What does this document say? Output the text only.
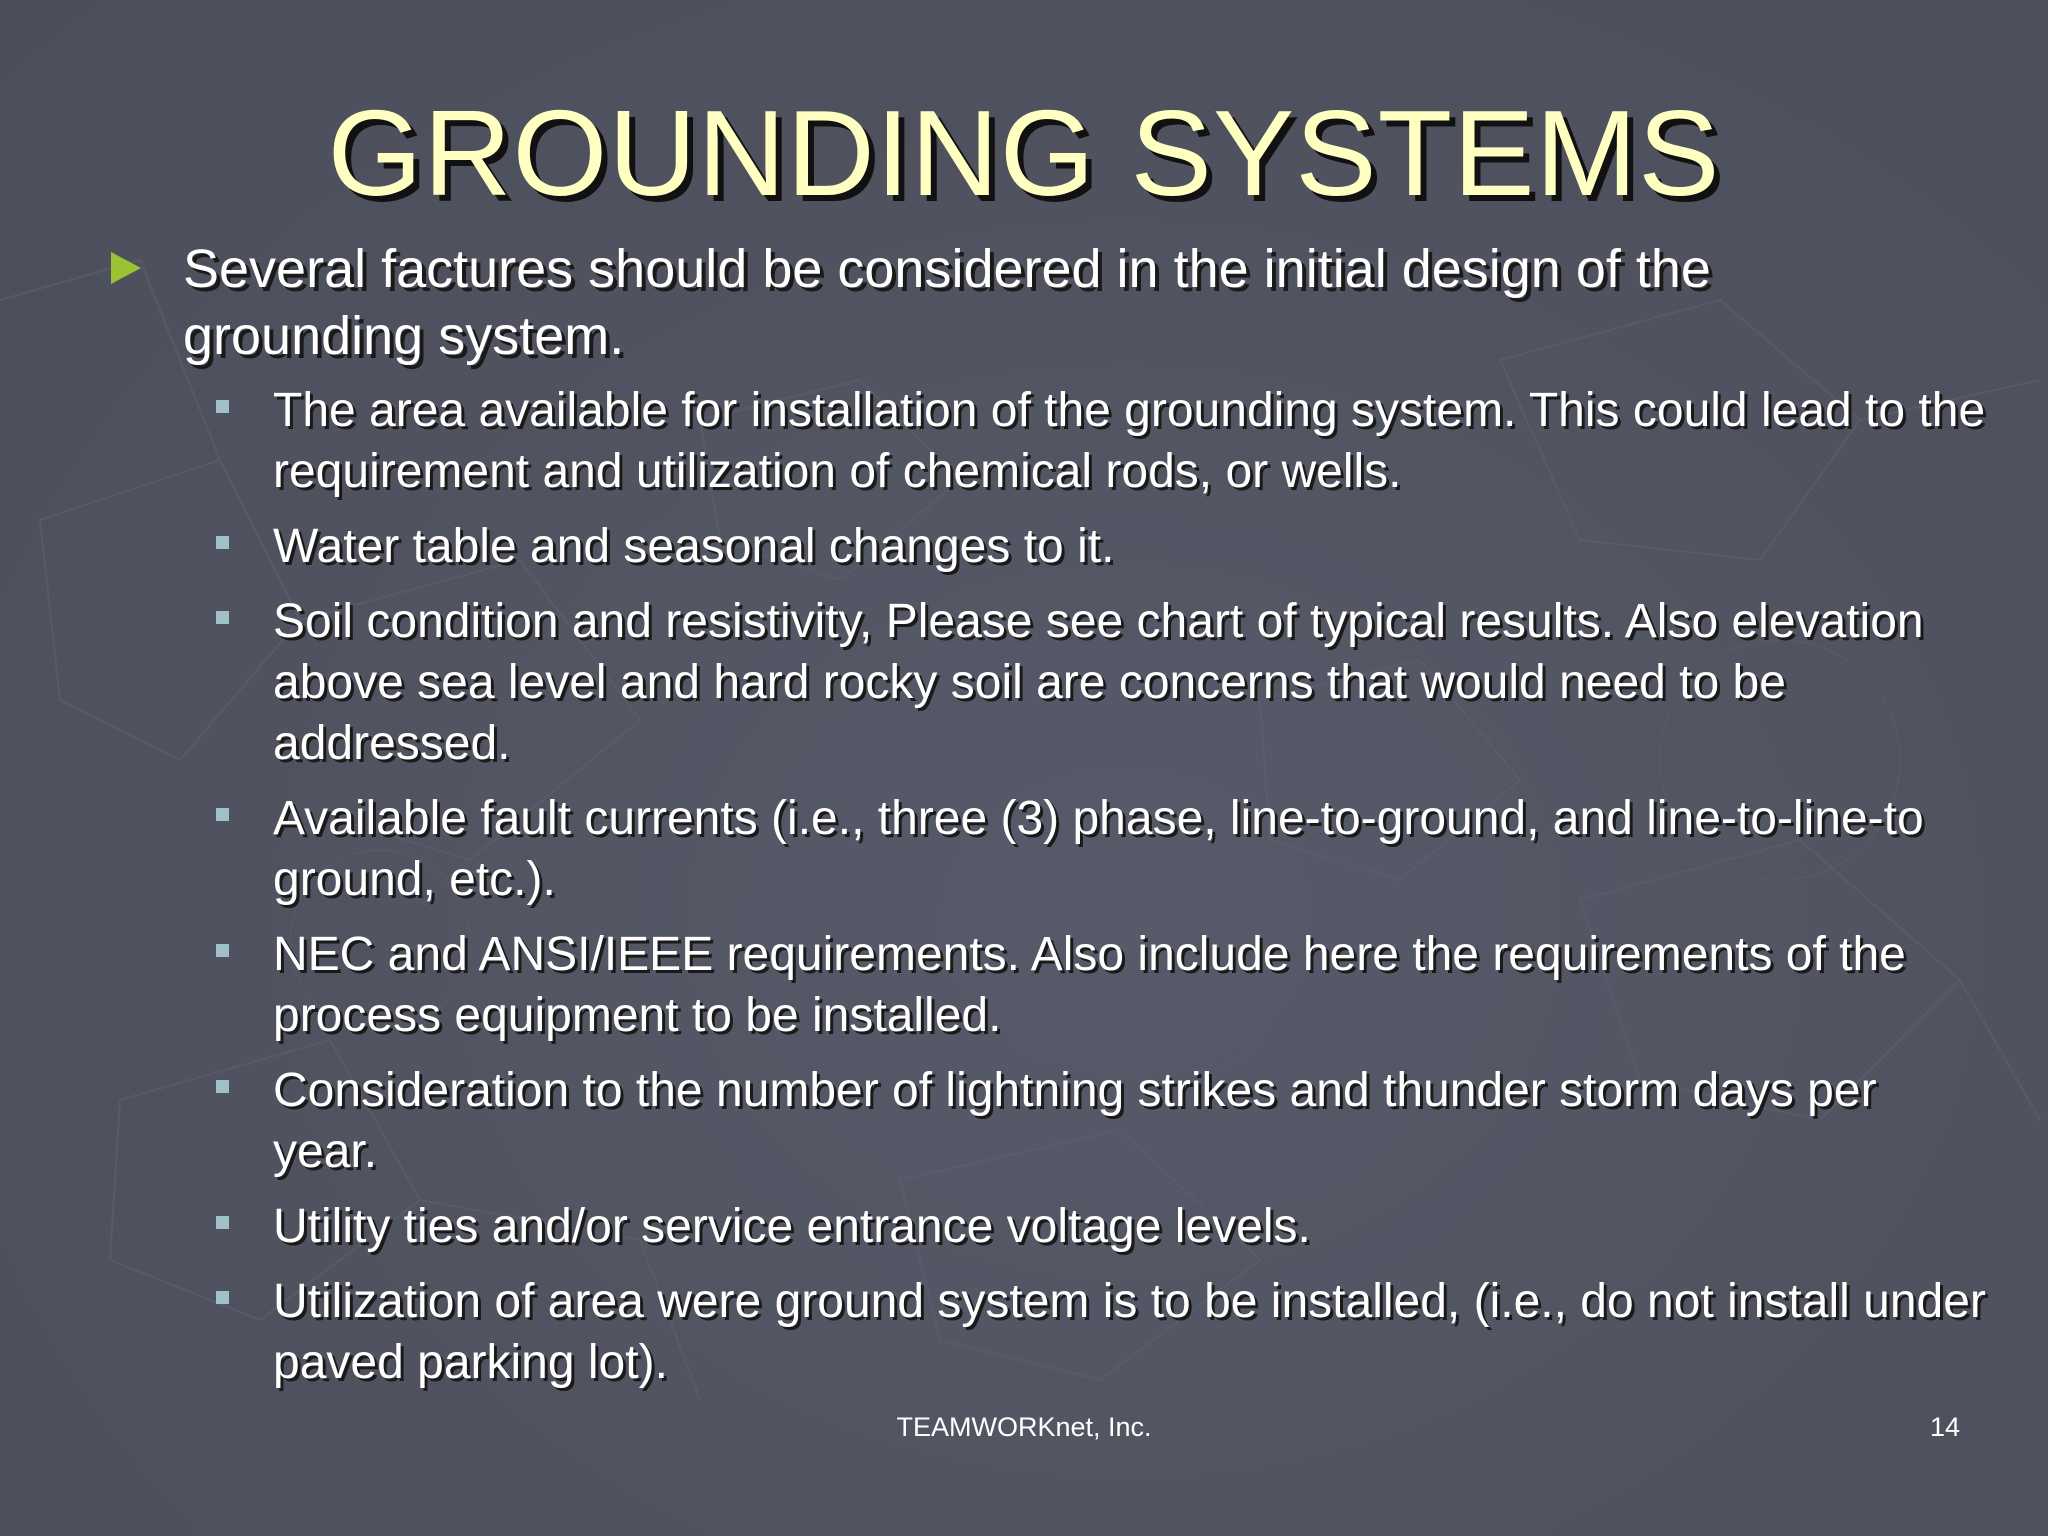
GROUNDING SYSTEMS
Several factures should be considered in the initial design of the grounding system.
The area available for installation of the grounding system. This could lead to the requirement and utilization of chemical rods, or wells.
Water table and seasonal changes to it.
Soil condition and resistivity, Please see chart of typical results. Also elevation above sea level and hard rocky soil are concerns that would need to be addressed.
Available fault currents (i.e., three (3) phase, line-to-ground, and line-to-line-to ground, etc.).
NEC and ANSI/IEEE requirements. Also include here the requirements of the process equipment to be installed.
Consideration to the number of lightning strikes and thunder storm days per year.
Utility ties and/or service entrance voltage levels.
Utilization of area were ground system is to be installed, (i.e., do not install under paved parking lot).
TEAMWORKnet, Inc.	14
